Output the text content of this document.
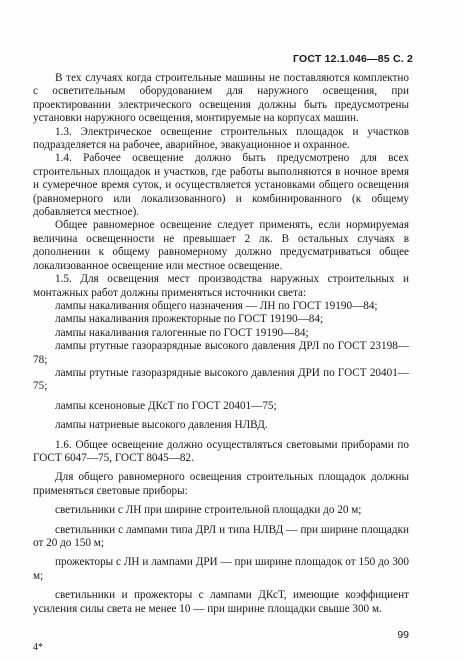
ГОСТ 12.1.046—85 С. 2

В тех случаях когда строительные машины не поставляются комплектно с осветительным оборудованием для наружного освещения, при проектировании электрического освещения должны быть предусмотрены установки наружного освещения, монтируемые на корпусах машин.

1.3. Электрическое освещение строительных площадок и участков подразделяется на рабочее, аварийное, эвакуационное и охранное.

1.4. Рабочее освещение должно быть предусмотрено для всех строительных площадок и участков, где работы выполняются в ночное время и сумеречное время суток, и осуществляется установками общего освещения (равномерного или локализованного) и комбинированного (к общему добавляется местное).

Общее равномерное освещение следует применять, если нормируемая величина освещенности не превышает 2 лк. В остальных случаях в дополнении к общему равномерному должно предусматриваться общее локализованное освещение или местное освещение.

1.5. Для освещения мест производства наружных строительных и монтажных работ должны применяться источники света:

лампы накаливания общего назначения — ЛН по ГОСТ 19190—84;

лампы накаливания прожекторные по ГОСТ 19190—84;

лампы накаливания галогенные по ГОСТ 19190—84;

лампы ртутные газоразрядные высокого давления ДРЛ по ГОСТ 23198—78;

лампы ртутные газоразрядные высокого давления ДРИ по ГОСТ 20401—75;

лампы ксеноновые ДКсТ по ГОСТ 20401—75;

лампы натриевые высокого давления НЛВД.

1.6. Общее освещение должно осуществляться световыми приборами по ГОСТ 6047—75, ГОСТ 8045—82.

Для общего равномерного освещения строительных площадок должны применяться световые приборы:

светильники с ЛН при ширине строительной площадки до 20 м;

светильники с лампами типа ДРЛ и типа НЛВД — при ширине площадки от 20 до 150 м;

прожекторы с ЛН и лампами ДРИ — при ширине площадок от 150 до 300 м;

светильники и прожекторы с лампами ДКсТ, имеющие коэффициент усиления силы света не менее 10 — при ширине площадки свыше 300 м.

99
4*
